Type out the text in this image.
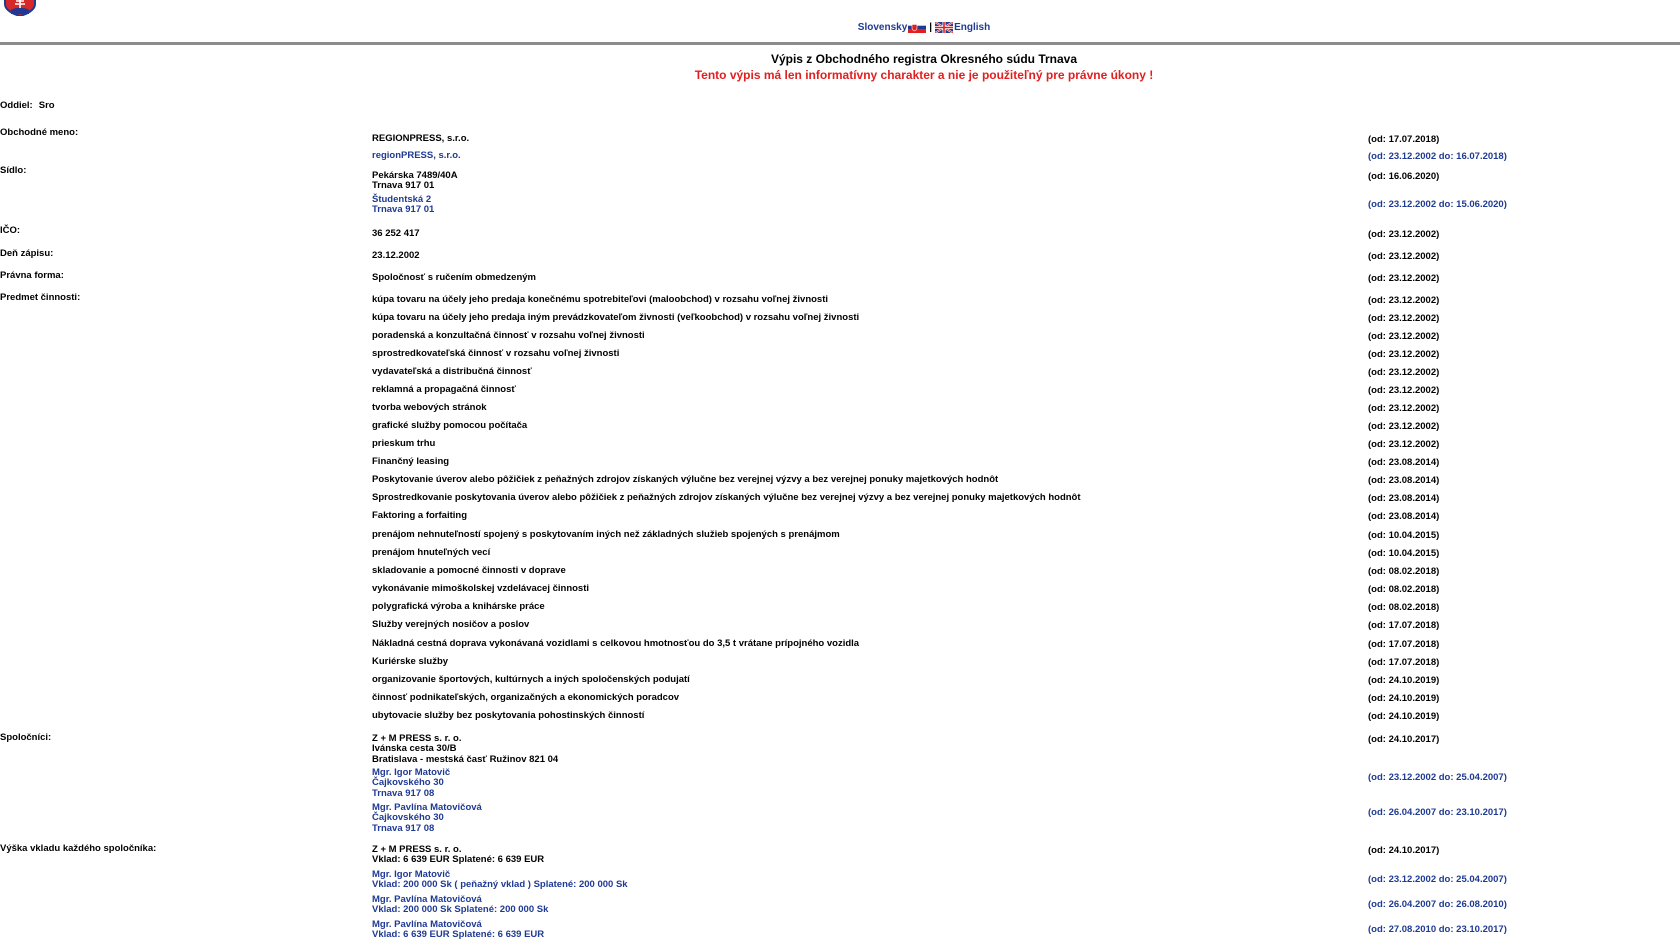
Slovensky | English
Výpis z Obchodného registra Okresného súdu Trnava
Tento výpis má len informatívny charakter a nie je použiteľný pre právne úkony !
Oddiel: Sro
Obchodné meno:
REGIONPRESS, s.r.o.	(od: 17.07.2018)
regionPRESS, s.r.o.	(od: 23.12.2002 do: 16.07.2018)
Sídlo:	Pekárska 7489/40A
Trnava 917 01
(od: 16.06.2020)
Študentská 2
Trnava 917 01	(od: 23.12.2002 do: 15.06.2020)
IČO:	36 252 417	(od: 23.12.2002)
Deň zápisu:	23.12.2002	(od: 23.12.2002)
Právna forma:	Spoločnosť s ručením obmedzeným	(od: 23.12.2002)
Predmet činnosti:	kúpa tovaru na účely jeho predaja konečnému spotrebiteľovi (maloobchod) v rozsahu voľnej živnosti	(od: 23.12.2002)
kúpa tovaru na účely jeho predaja iným prevádzkovateľom živnosti (veľkoobchod) v rozsahu voľnej živnosti	(od: 23.12.2002)
poradenská a konzultačná činnosť v rozsahu voľnej živnosti	(od: 23.12.2002)
sprostredkovateľská činnosť v rozsahu voľnej živnosti	(od: 23.12.2002)
vydavateľská a distribučná činnosť	(od: 23.12.2002)
reklamná a propagačná činnosť	(od: 23.12.2002)
tvorba webových stránok	(od: 23.12.2002)
grafické služby pomocou počítača	(od: 23.12.2002)
prieskum trhu	(od: 23.12.2002)
Finančný leasing	(od: 23.08.2014)
Poskytovanie úverov alebo pôžičiek z peňažných zdrojov získaných výlučne bez verejnej výzvy a bez verejnej ponuky majetkových hodnôt	(od: 23.08.2014)
Sprostredkovanie poskytovania úverov alebo pôžičiek z peňažných zdrojov získaných výlučne bez verejnej výzvy a bez verejnej ponuky majetkových hodnôt	(od: 23.08.2014)
Faktoring a forfaiting	(od: 23.08.2014)
prenájom nehnuteľností spojený s poskytovaním iných než základných služieb spojených s prenájmom	(od: 10.04.2015)
prenájom hnuteľných vecí	(od: 10.04.2015)
skladovanie a pomocné činnosti v doprave	(od: 08.02.2018)
vykonávanie mimoškolskej vzdelávacej činnosti	(od: 08.02.2018)
polygrafická výroba a knihárske práce	(od: 08.02.2018)
Služby verejných nosičov a poslov	(od: 17.07.2018)
Nákladná cestná doprava vykonávaná vozidlami s celkovou hmotnosťou do 3,5 t vrátane prípojného vozidla	(od: 17.07.2018)
Kuriérske služby	(od: 17.07.2018)
organizovanie športových, kultúrnych a iných spoločenských podujatí	(od: 24.10.2019)
činnosť podnikateľských, organizačných a ekonomických poradcov	(od: 24.10.2019)
ubytovacie služby bez poskytovania pohostinských činností	(od: 24.10.2019)
Spoločníci:	Z + M PRESS s. r. o.
Ivánska cesta 30/B
Bratislava - mestská časť Ružinov 821 04
(od: 24.10.2017)
Mgr. Igor Matovič
Čajkovského 30
Trnava 917 08
(od: 23.12.2002 do: 25.04.2007)
Mgr. Pavlína Matovičová
Čajkovského 30
Trnava 917 08
(od: 26.04.2007 do: 23.10.2017)
Výška vkladu každého spoločníka:	Z + M PRESS s. r. o.
Vklad: 6 639 EUR Splatené: 6 639 EUR
(od: 24.10.2017)
Mgr. Igor Matovič
Vklad: 200 000 Sk ( peňažný vklad ) Splatené: 200 000 Sk	(od: 23.12.2002 do: 25.04.2007)
Mgr. Pavlína Matovičová
Vklad: 200 000 Sk Splatené: 200 000 Sk	(od: 26.04.2007 do: 26.08.2010)
Mgr. Pavlína Matovičová
Vklad: 6 639 EUR Splatené: 6 639 EUR	(od: 27.08.2010 do: 23.10.2017)
